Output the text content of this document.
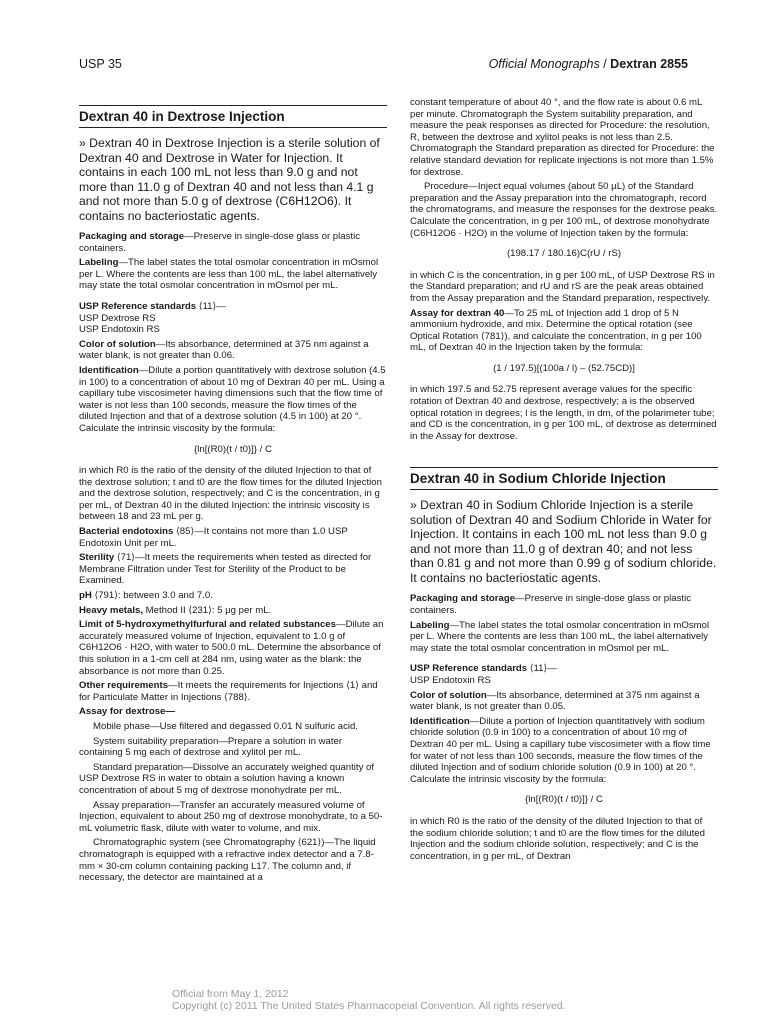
USP 35	Official Monographs / Dextran 2855
Dextran 40 in Dextrose Injection
» Dextran 40 in Dextrose Injection is a sterile solution of Dextran 40 and Dextrose in Water for Injection. It contains in each 100 mL not less than 9.0 g and not more than 11.0 g of Dextran 40 and not less than 4.1 g and not more than 5.0 g of dextrose (C6H12O6). It contains no bacteriostatic agents.

Packaging and storage—Preserve in single-dose glass or plastic containers.

Labeling—The label states the total osmolar concentration in mOsmol per L. Where the contents are less than 100 mL, the label alternatively may state the total osmolar concentration in mOsmol per mL.

USP Reference standards ⟨11⟩—
USP Dextrose RS
USP Endotoxin RS

Color of solution—Its absorbance, determined at 375 nm against a water blank, is not greater than 0.06.

Identification—Dilute a portion quantitatively with dextrose solution (4.5 in 100) to a concentration of about 10 mg of Dextran 40 per mL. Using a capillary tube viscosimeter having dimensions such that the flow time of water is not less than 100 seconds, measure the flow times of the diluted Injection and that of a dextrose solution (4.5 in 100) at 20 °. Calculate the intrinsic viscosity by the formula:

{ln[(R0)(t / t0)]} / C

in which R0 is the ratio of the density of the diluted Injection to that of the dextrose solution; t and t0 are the flow times for the diluted Injection and the dextrose solution, respectively; and C is the concentration, in g per mL, of Dextran 40 in the diluted Injection: the intrinsic viscosity is between 18 and 23 mL per g.

Bacterial endotoxins ⟨85⟩—It contains not more than 1.0 USP Endotoxin Unit per mL.

Sterility ⟨71⟩—It meets the requirements when tested as directed for Membrane Filtration under Test for Sterility of the Product to be Examined.

pH ⟨791⟩: between 3.0 and 7.0.

Heavy metals, Method II ⟨231⟩: 5 µg per mL.

Limit of 5-hydroxymethylfurfural and related substances—Dilute an accurately measured volume of Injection, equivalent to 1.0 g of C6H12O6 · H2O, with water to 500.0 mL. Determine the absorbance of this solution in a 1-cm cell at 284 nm, using water as the blank: the absorbance is not more than 0.25.

Other requirements—It meets the requirements for Injections ⟨1⟩ and for Particulate Matter in Injections ⟨788⟩.

Assay for dextrose—

Mobile phase—Use filtered and degassed 0.01 N sulfuric acid.

System suitability preparation—Prepare a solution in water containing 5 mg each of dextrose and xylitol per mL.

Standard preparation—Dissolve an accurately weighed quantity of USP Dextrose RS in water to obtain a solution having a known concentration of about 5 mg of dextrose monohydrate per mL.

Assay preparation—Transfer an accurately measured volume of Injection, equivalent to about 250 mg of dextrose monohydrate, to a 50-mL volumetric flask, dilute with water to volume, and mix.

Chromatographic system (see Chromatography ⟨621⟩)—The liquid chromatograph is equipped with a refractive index detector and a 7.8-mm × 30-cm column containing packing L17. The column and, if necessary, the detector are maintained at a

constant temperature of about 40 °, and the flow rate is about 0.6 mL per minute. Chromatograph the System suitability preparation, and measure the peak responses as directed for Procedure: the resolution, R, between the dextrose and xylitol peaks is not less than 2.5. Chromatograph the Standard preparation as directed for Procedure: the relative standard deviation for replicate injections is not more than 1.5% for dextrose.

Procedure—Inject equal volumes (about 50 µL) of the Standard preparation and the Assay preparation into the chromatograph, record the chromatograms, and measure the responses for the dextrose peaks. Calculate the concentration, in g per 100 mL, of dextrose monohydrate (C6H12O6 · H2O) in the volume of Injection taken by the formula:

(198.17 / 180.16)C(rU / rS)

in which C is the concentration, in g per 100 mL, of USP Dextrose RS in the Standard preparation; and rU and rS are the peak areas obtained from the Assay preparation and the Standard preparation, respectively.

Assay for dextran 40—To 25 mL of Injection add 1 drop of 5 N ammonium hydroxide, and mix. Determine the optical rotation (see Optical Rotation ⟨781⟩), and calculate the concentration, in g per 100 mL, of Dextran 40 in the Injection taken by the formula:

(1 / 197.5)[(100a / l) – (52.75CD)]

in which 197.5 and 52.75 represent average values for the specific rotation of Dextran 40 and dextrose, respectively; a is the observed optical rotation in degrees; l is the length, in dm, of the polarimeter tube; and CD is the concentration, in g per 100 mL, of dextrose as determined in the Assay for dextrose.

Dextran 40 in Sodium Chloride Injection
» Dextran 40 in Sodium Chloride Injection is a sterile solution of Dextran 40 and Sodium Chloride in Water for Injection. It contains in each 100 mL not less than 9.0 g and not more than 11.0 g of dextran 40; and not less than 0.81 g and not more than 0.99 g of sodium chloride. It contains no bacteriostatic agents.

Packaging and storage—Preserve in single-dose glass or plastic containers.

Labeling—The label states the total osmolar concentration in mOsmol per L. Where the contents are less than 100 mL, the label alternatively may state the total osmolar concentration in mOsmol per mL.

USP Reference standards ⟨11⟩—
USP Endotoxin RS

Color of solution—Its absorbance, determined at 375 nm against a water blank, is not greater than 0.05.

Identification—Dilute a portion of Injection quantitatively with sodium chloride solution (0.9 in 100) to a concentration of about 10 mg of Dextran 40 per mL. Using a capillary tube viscosimeter with a flow time for water of not less than 100 seconds, measure the flow times of the diluted Injection and of sodium chloride solution (0.9 in 100) at 20 °. Calculate the intrinsic viscosity by the formula:

{ln[(R0)(t / t0)]} / C

in which R0 is the ratio of the density of the diluted Injection to that of the sodium chloride solution; t and t0 are the flow times for the diluted Injection and the sodium chloride solution, respectively; and C is the concentration, in g per mL, of Dextran

Official from May 1, 2012
Copyright (c) 2011 The United States Pharmacopeial Convention. All rights reserved.
